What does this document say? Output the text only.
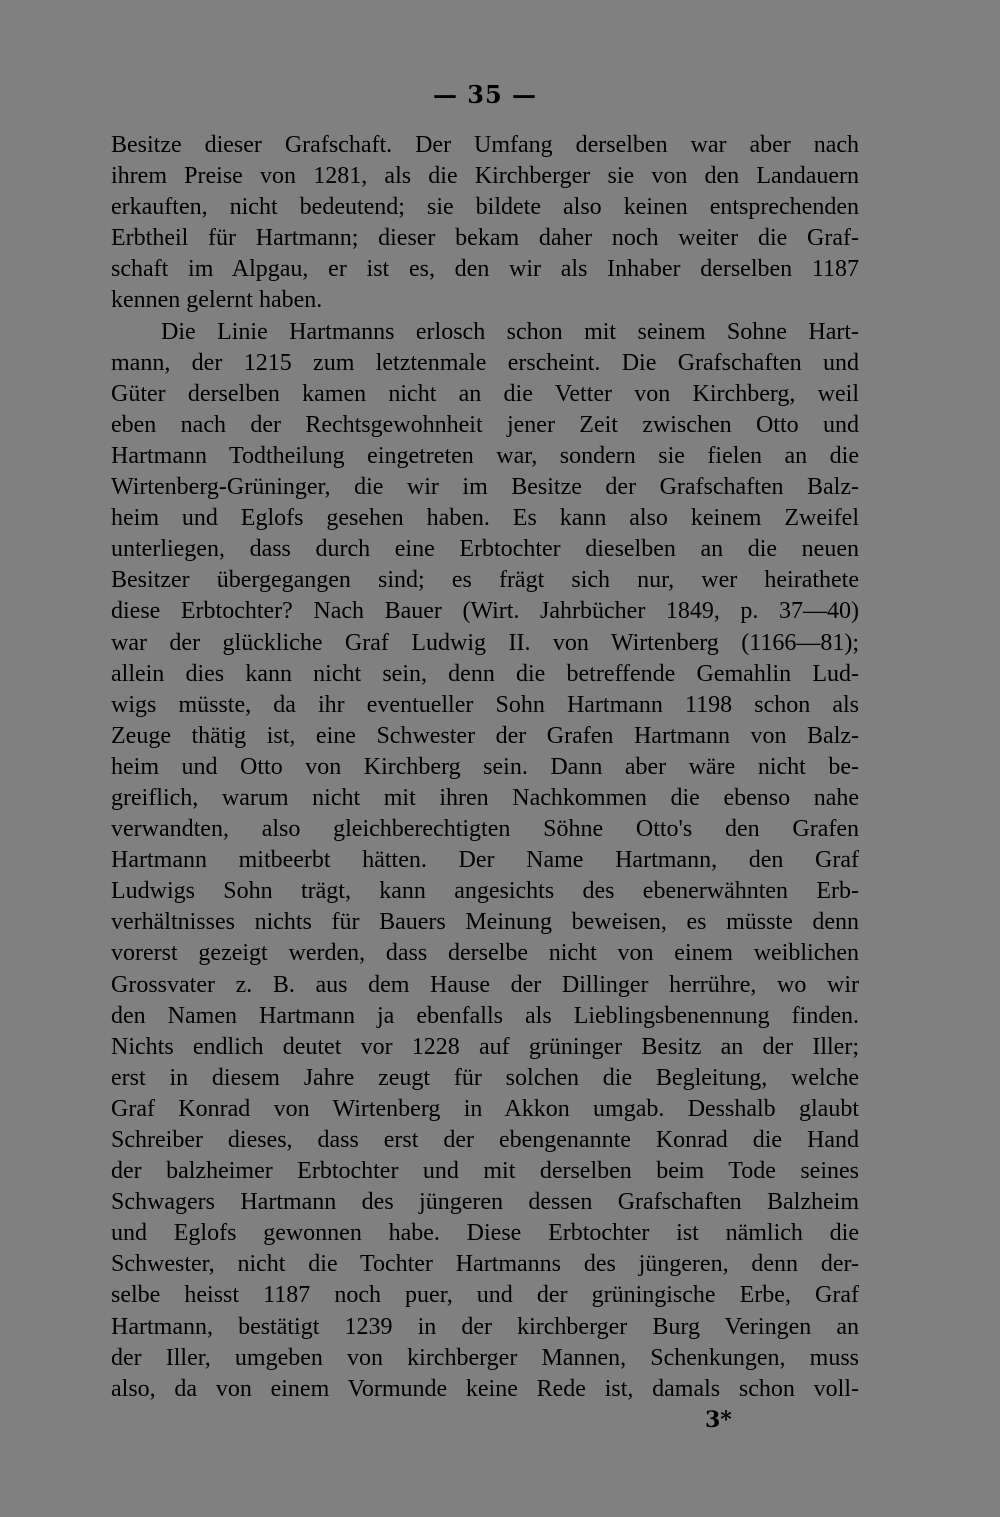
— 35 —
Besitze dieser Grafschaft. Der Umfang derselben war aber nach
ihrem Preise von 1281, als die Kirchberger sie von den Landauern
erkauften, nicht bedeutend; sie bildete also keinen entsprechenden
Erbtheil für Hartmann; dieser bekam daher noch weiter die Graf-
schaft im Alpgau, er ist es, den wir als Inhaber derselben 1187
kennen gelernt haben.
Die Linie Hartmanns erlosch schon mit seinem Sohne Hart-
mann, der 1215 zum letztenmale erscheint. Die Grafschaften und
Güter derselben kamen nicht an die Vetter von Kirchberg, weil
eben nach der Rechtsgewohnheit jener Zeit zwischen Otto und
Hartmann Todtheilung eingetreten war, sondern sie fielen an die
Wirtenberg-Grüninger, die wir im Besitze der Grafschaften Balz-
heim und Eglofs gesehen haben. Es kann also keinem Zweifel
unterliegen, dass durch eine Erbtochter dieselben an die neuen
Besitzer übergegangen sind; es frägt sich nur, wer heirathete
diese Erbtochter? Nach Bauer (Wirt. Jahrbücher 1849, p. 37—40)
war der glückliche Graf Ludwig II. von Wirtenberg (1166—81);
allein dies kann nicht sein, denn die betreffende Gemahlin Lud-
wigs müsste, da ihr eventueller Sohn Hartmann 1198 schon als
Zeuge thätig ist, eine Schwester der Grafen Hartmann von Balz-
heim und Otto von Kirchberg sein. Dann aber wäre nicht be-
greiflich, warum nicht mit ihren Nachkommen die ebenso nahe
verwandten, also gleichberechtigten Söhne Otto's den Grafen
Hartmann mitbeerbt hätten. Der Name Hartmann, den Graf
Ludwigs Sohn trägt, kann angesichts des ebenerwähnten Erb-
verhältnisses nichts für Bauers Meinung beweisen, es müsste denn
vorerst gezeigt werden, dass derselbe nicht von einem weiblichen
Grossvater z. B. aus dem Hause der Dillinger herrühre, wo wir
den Namen Hartmann ja ebenfalls als Lieblingsbenennung finden.
Nichts endlich deutet vor 1228 auf grüninger Besitz an der Iller;
erst in diesem Jahre zeugt für solchen die Begleitung, welche
Graf Konrad von Wirtenberg in Akkon umgab. Desshalb glaubt
Schreiber dieses, dass erst der ebengenannte Konrad die Hand
der balzheimer Erbtochter und mit derselben beim Tode seines
Schwagers Hartmann des jüngeren dessen Grafschaften Balzheim
und Eglofs gewonnen habe. Diese Erbtochter ist nämlich die
Schwester, nicht die Tochter Hartmanns des jüngeren, denn der-
selbe heisst 1187 noch puer, und der grüningische Erbe, Graf
Hartmann, bestätigt 1239 in der kirchberger Burg Veringen an
der Iller, umgeben von kirchberger Mannen, Schenkungen, muss
also, da von einem Vormunde keine Rede ist, damals schon voll-
3*
